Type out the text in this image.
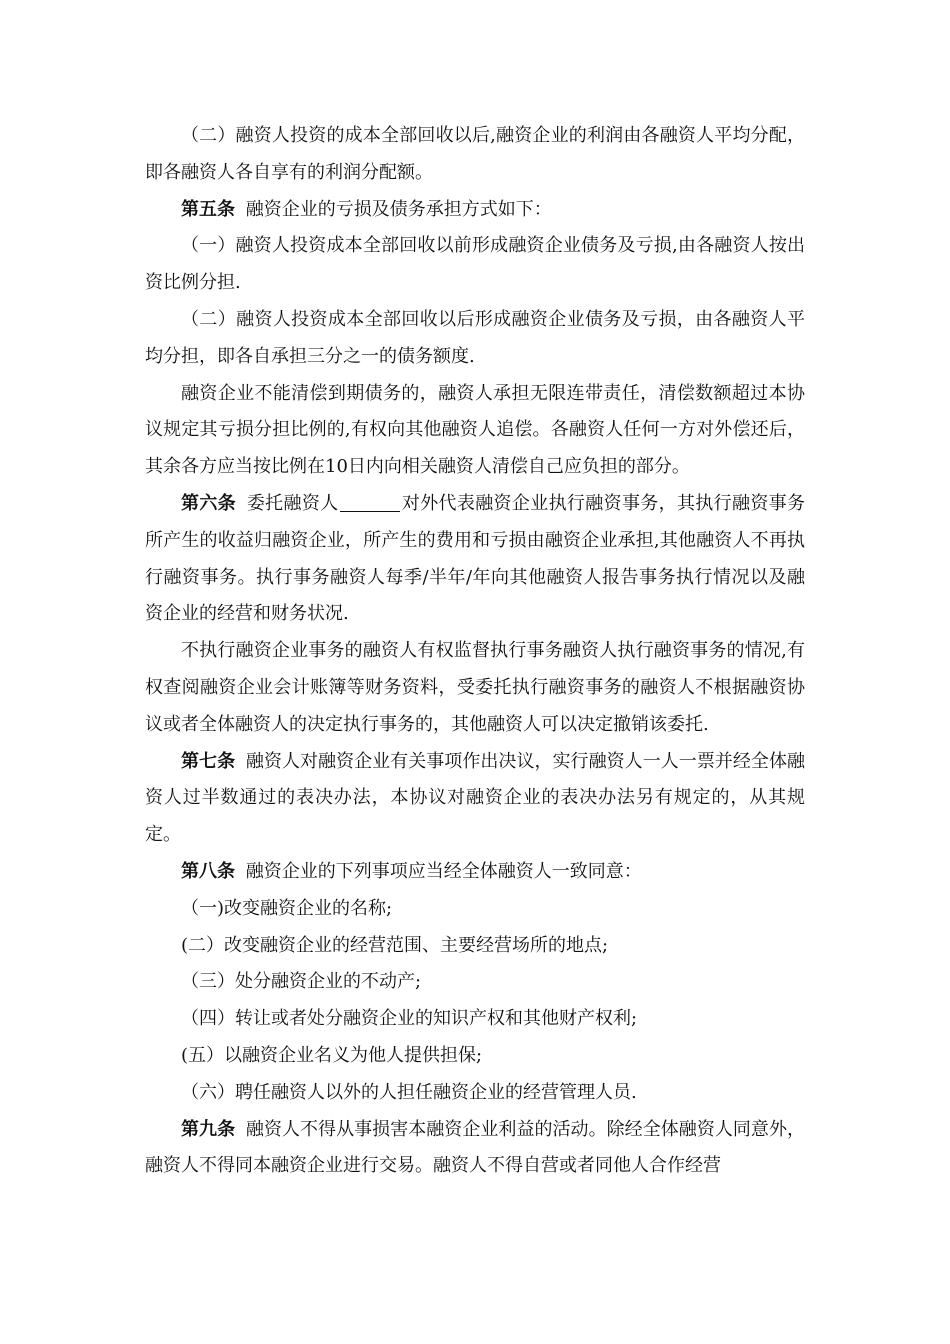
（二）融资人投资的成本全部回收以后,融资企业的利润由各融资人平均分配，即各融资人各自享有的利润分配额。

第五条 融资企业的亏损及债务承担方式如下：

（一）融资人投资成本全部回收以前形成融资企业债务及亏损,由各融资人按出资比例分担.

（二）融资人投资成本全部回收以后形成融资企业债务及亏损，由各融资人平均分担，即各自承担三分之一的债务额度.

融资企业不能清偿到期债务的，融资人承担无限连带责任，清偿数额超过本协议规定其亏损分担比例的,有权向其他融资人追偿。各融资人任何一方对外偿还后，其余各方应当按比例在10日内向相关融资人清偿自己应负担的部分。

第六条 委托融资人	对外代表融资企业执行融资事务，其执行融资事务所产生的收益归融资企业，所产生的费用和亏损由融资企业承担,其他融资人不再执行融资事务。执行事务融资人每季/半年/年向其他融资人报告事务执行情况以及融资企业的经营和财务状况.

不执行融资企业事务的融资人有权监督执行事务融资人执行融资事务的情况,有权查阅融资企业会计账簿等财务资料，受委托执行融资事务的融资人不根据融资协议或者全体融资人的决定执行事务的，其他融资人可以决定撤销该委托.

第七条 融资人对融资企业有关事项作出决议，实行融资人一人一票并经全体融资人过半数通过的表决办法，本协议对融资企业的表决办法另有规定的，从其规定。

第八条 融资企业的下列事项应当经全体融资人一致同意：

（一)改变融资企业的名称;

(二）改变融资企业的经营范围、主要经营场所的地点;

（三）处分融资企业的不动产;

（四）转让或者处分融资企业的知识产权和其他财产权利;

(五）以融资企业名义为他人提供担保;

（六）聘任融资人以外的人担任融资企业的经营管理人员.

第九条 融资人不得从事损害本融资企业利益的活动。除经全体融资人同意外，融资人不得同本融资企业进行交易。融资人不得自营或者同他人合作经营
